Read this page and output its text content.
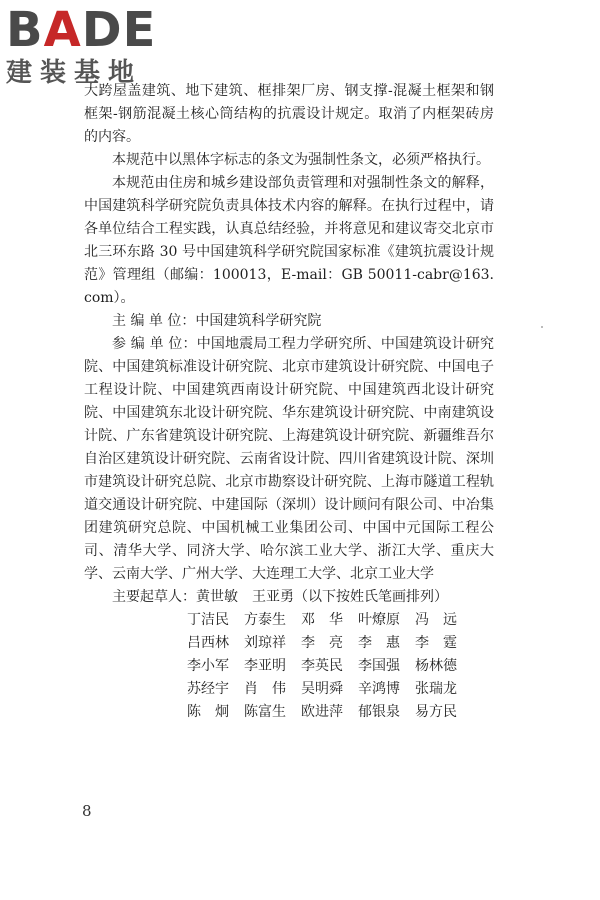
BADE
建装基地

大跨屋盖建筑、地下建筑、框排架厂房、钢支撑-混凝土框架和钢框架-钢筋混凝土核心筒结构的抗震设计规定。取消了内框架砖房的内容。

本规范中以黑体字标志的条文为强制性条文，必须严格执行。

本规范由住房和城乡建设部负责管理和对强制性条文的解释，中国建筑科学研究院负责具体技术内容的解释。在执行过程中，请各单位结合工程实践，认真总结经验，并将意见和建议寄交北京市北三环东路 30 号中国建筑科学研究院国家标准《建筑抗震设计规范》管理组（邮编：100013，E-mail：GB 50011-cabr@163. com）。

主 编 单 位：中国建筑科学研究院

参 编 单 位：中国地震局工程力学研究所、中国建筑设计研究院、中国建筑标准设计研究院、北京市建筑设计研究院、中国电子工程设计院、中国建筑西南设计研究院、中国建筑西北设计研究院、中国建筑东北设计研究院、华东建筑设计研究院、中南建筑设计院、广东省建筑设计研究院、上海建筑设计研究院、新疆维吾尔自治区建筑设计研究院、云南省设计院、四川省建筑设计院、深圳市建筑设计研究总院、北京市勘察设计研究院、上海市隧道工程轨道交通设计研究院、中建国际（深圳）设计顾问有限公司、中冶集团建筑研究总院、中国机械工业集团公司、中国中元国际工程公司、清华大学、同济大学、哈尔滨工业大学、浙江大学、重庆大学、云南大学、广州大学、大连理工大学、北京工业大学

主要起草人：黄世敏　王亚勇（以下按姓氏笔画排列）

丁洁民	方泰生	邓　华	叶燎原	冯　远
吕西林	刘琼祥	李　亮	李　惠	李　霆
李小军	李亚明	李英民	李国强	杨林德
苏经宇	肖　伟	吴明舜	辛鸿博	张瑞龙
陈　炯	陈富生	欧进萍	郁银泉	易方民
8
